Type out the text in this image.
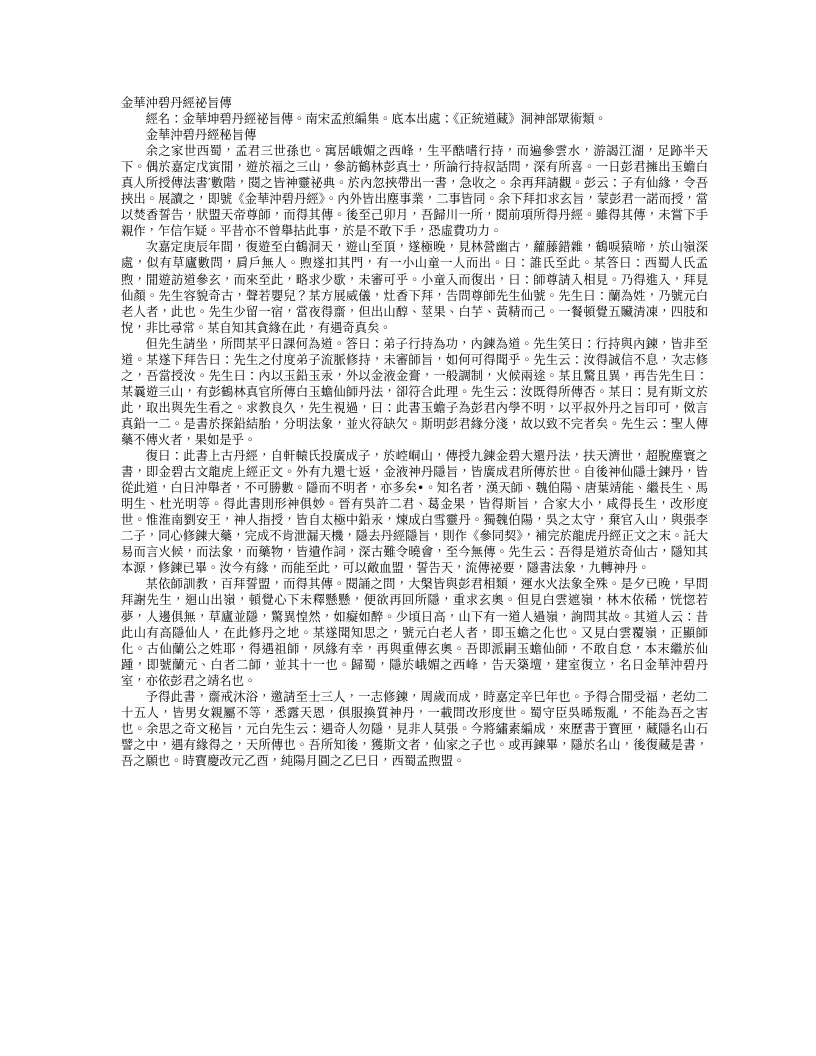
金華沖碧丹經祕旨傳

經名：金華坤碧丹經祕旨傳。南宋孟煎編集。底本出處：《正統道藏》洞神部眾術類。

金華沖碧丹經秘旨傳

余之家世西蜀，孟君三世孫也。寓居峨媚之西峰，生平酷嗜行持，而遍參雲水，游謁江湖，足跡半天下。偶於嘉定戊寅閒，遊於福之三山，參訪鶴林彭真士，所論行持叔話問，深有所喜。一日彭君擁出玉蟾白真人所授傳法書′數階，閱之皆神靈祕典。於內忽挾帶出一書，急收之。余再拜請觀。彭云：子有仙緣，令吾挾出。展讀之，即號《金華沖碧丹經》。內外皆出塵事業，二事皆同。余下拜扣求玄旨，蒙彭君一諾而授，當以焚香誓告，狀盟天帝尊師，而得其傳。後至己卯月，吾歸川一所，閱前項所得丹經。雖得其傳，未嘗下手親作，乍信乍疑。平昔亦不曾舉拈此事，於是不敢下手，恐虛費功力。

次嘉定庚辰年間，復遊至白鶴洞天，遊山至頂，遂極晚，見林營幽古，蘿藤錯雜，鶴唳猿啼，於山嶺深處，似有草廬數問，肩戶無人。煦遂扣其門，有一小山童一人而出。曰：誰氏至此。某答曰：西蜀人氏孟煦，閒遊訪道參玄，而來至此，略求少歇，未審可乎。小童入而復出，曰：師尊請入相見。乃得進入，拜見仙顏。先生容貌奇古，聲若嬰兒？某方展威儀，灶香下拜，告問尊師先生仙號。先生曰：蘭為姓，乃號元白老人者，此也。先生少留一宿，當夜得齋，但出山醇、莖果、白芋、黃精而己。一餐頓覺五贜清凍，四肢和悅，非比尋常。某自知其貪緣在此，有遇奇真矣。

但先生請坐，所問某平日課何為道。答曰：弟子行持為功，內鍊為道。先生笑曰：行持與內鍊，皆非至道。某遂下拜告曰：先生之付度弟子流脈修持，未審師旨，如何可得聞乎。先生云：汝得誠信不息，次志修之，吾當授汝。先生曰：內以玉鉛玉汞，外以金液金膏，一般調制，火候兩途。某且驚且異，再告先生曰：某曩遊三山，有彭鶴林真官所傳白玉蟾仙師丹法，卻符合此理。先生云：汝既得所傳否。某曰：見有斯文於此，取出與先生看之。求教良久，先生視過，曰：此書玉蟾子為彭君內學不明，以平叔外丹之旨印可，傚言真鉛一二。是書於探鉛結胎，分明法象，並火符缺欠。斯明彭君緣分淺，故以致不完者矣。先生云：聖人傳藥不傳火者，果如是乎。

復曰：此書上古丹經，自軒轅氏投廣成子，於崆峒山，傳授九鍊金碧大還丹法，扶天濟世，超脫塵寰之書，即金碧古文龍虎上經正文。外有九還七返，金液神丹隱旨，皆廣成君所傳於世。自後神仙隱士鍊丹，皆從此道，白日沖舉者，不可勝數。隱而不明者，亦多矣•。知名者，漢天師、魏伯陽、唐葉靖能、繼長生、馬明生、杜光明等。得此書則形神俱妙。晉有吳許二君、葛金果，皆得斯旨，合家大小，咸得長生，改形度世。惟淮南劉安王，神人指授，皆自太極中鉛汞，煉成白雪靈丹。獨魏伯陽，吳之太守，棄官入山，與張李二子，同心修鍊大藥，完成不肯泄漏天機，隱去丹經隱旨，則作《參同契》，補完於龍虎丹經正文之末。託大易而言火候，而法象，而藥物，皆遺作詞，深古難令曉會，至今無傳。先生云：吾得是道於奇仙古，隱知其本源，修鍊已畢。汝今有緣，而能至此，可以敵血盟，誓告天，流傳祕要，隱書法象，九轉神丹。

某依師訓教，百拜誓盟，而得其傳。閱誦之問，大槃皆與彭君相類，運水火法象全殊。是夕已晚，早問拜謝先生，迴山出嶺，頓覺心下未釋懸懸，便欲再回所隱，重求玄奧。但見白雲遮嶺，林木依稀，恍惚若夢，人邊俱無，草廬並隱，驚異惶然，如癡如醉。少頃日高，山下有一道人過嶺，詢問其故。其道人云：昔此山有高隱仙人，在此修丹之地。某遂聞知思之，號元白老人者，即玉蟾之化也。又見白雲覆嶺，正顯師化。古仙蘭公之姓耶，得遇祖師，夙緣有幸，再與重傳玄奧。吾即派嗣玉蟾仙師，不敢自怠，本末繼於仙踵，即號蘭元、白者二師，並其十一也。歸蜀，隱於峨媚之西峰，告天築壇，建室復立，名日金華沖碧丹室，亦依彭君之靖名也。

予得此書，齋戒沐浴，邀請至士三人，一志修鍊，周歲而成，時嘉定辛巳年也。予得合閒受福，老幼二十五人，皆男女親屬不等，悉露天恩，俱服換質神丹，一載問改形度世。蜀守臣吳晞叛亂，不能為吾之害也。余思之奇文秘旨，元白先生云：遇奇人勿隱，見非人莫張。今將繡素編成，來歷書于寶匣，藏隱名山石譬之中，遇有緣得之，天所傳也。吾所知後，獲斯文者，仙家之子也。或再鍊畢，隱於名山，後復藏是書，吾之願也。時寶慶改元乙酉，純陽月圓之乙巳日，西蜀孟煦盟。
